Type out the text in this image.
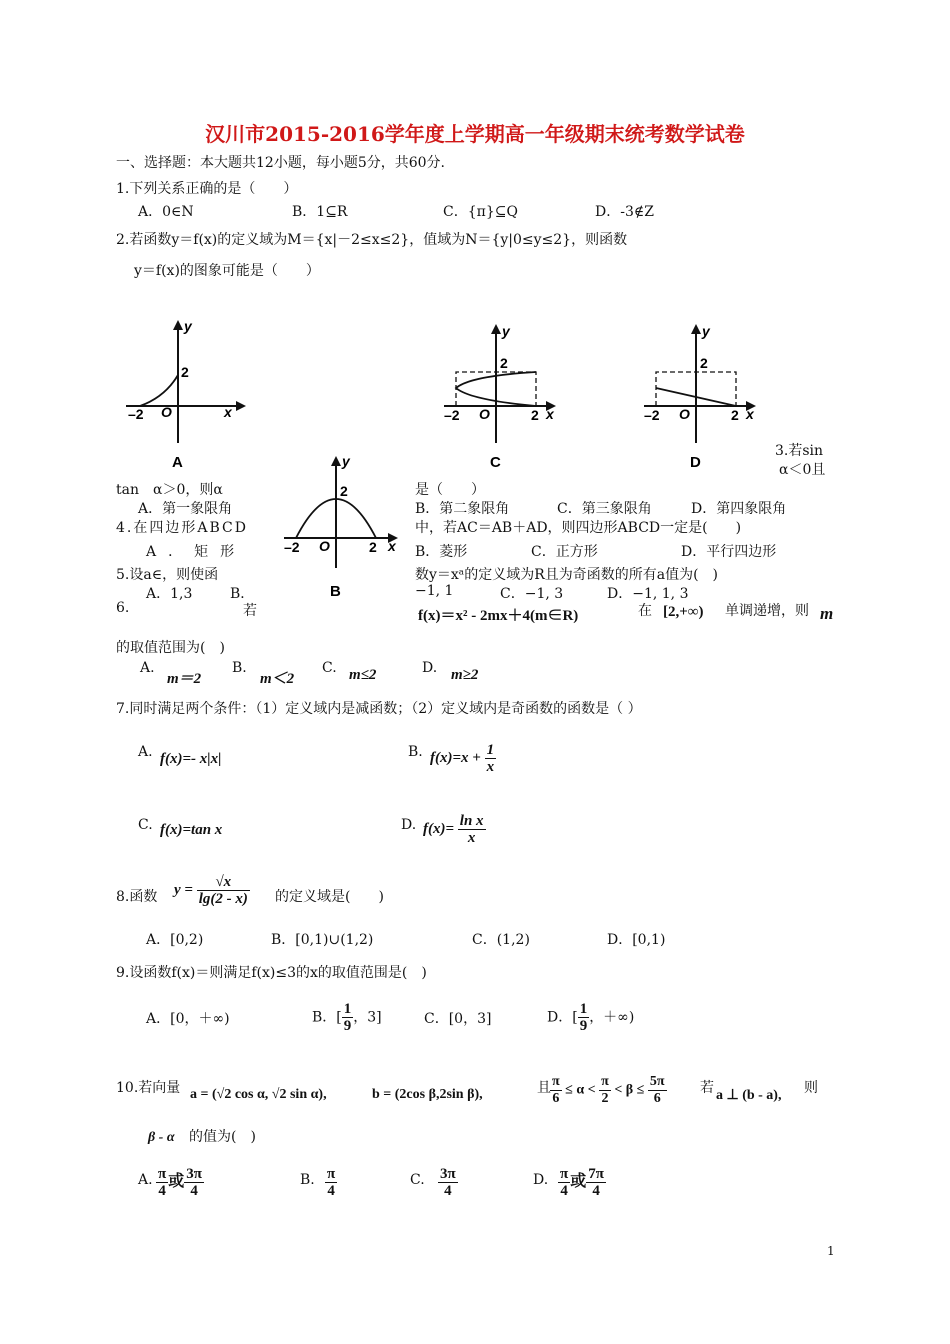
汉川市2015-2016学年度上学期高一年级期末统考数学试卷
一、选择题：本大题共12小题，每小题5分，共60分.
1.下列关系正确的是（　　）
A．0∈N	B．1⊆R	C．{π}⊆Q	D．-3∉Z
2.若函数y＝f(x)的定义域为M＝{x|－2≤x≤2}，值域为N＝{y|0≤y≤2}，则函数
y＝f(x)的图象可能是（　　）
y
x
O
–2
2
A
y
x
O
–2	2
2
C
y
x
O
–2	2
2
D
y
x
O
–2	2
2
B
3.若sin
α＜0且
tan　α＞0，则α	是（　　）
A．第一象限角	B．第二象限角	C．第三象限角	D．第四象限角
4.在四边形ABCD	中，若AC＝AB＋AD，则四边形ABCD一定是(　　)
A．矩形	B．菱形	C．正方形	D．平行四边形
5.设a∈，则使函	数y＝xᵃ的定义域为R且为奇函数的所有a值为(　)
A．1,3	B．	−1, 1	C．−1, 3	D．−1, 1, 3
6.	若	f(x)＝x² - 2mx＋4(m∈R)	在 [2,+∞) 单调递增，则 m
的取值范围为(　)
A.
m＝2
B.
m＜2
C. m≤2	D. m≥2
7.同时满足两个条件：（1）定义域内是减函数；（2）定义域内是奇函数的函数是（ ）
A. f(x)=- x|x|	B. $f(x)=x + \frac{1}{x}$
C. f(x)=tan x	D. $f(x)= \frac{\text{ln x}}{x}$
8.函数 $y = \frac{√x}{\lg(2 - x)}$ 的定义域是(　　)
A．[0,2)	B．[0,1)∪(1,2)	C．(1,2)	D．[0,1)
9.设函数f(x)＝则满足f(x)≤3的x的取值范围是(　)
A．[0，＋∞)	B．[ $\frac{1}{9}$ ，3]	C．[0，3]	D．[ $\frac{1}{9}$ ，＋∞)
10.若向量 a = (√2 cos α, √2 sin α),	b = (2cos β,2sin β),	且 $\frac{\pi}{6} \le \alpha < \frac{\pi}{2} < \beta \le \frac{5\pi}{6}$ 若 a ⊥ (b - a), 则
β - α 的值为(　)
A. $\frac{\pi}{4}$ 或 $\frac{3\pi}{4}$	B. $\frac{\pi}{4}$	C. $\frac{3\pi}{4}$	D. $\frac{\pi}{4}$ 或 $\frac{7\pi}{4}$
1
